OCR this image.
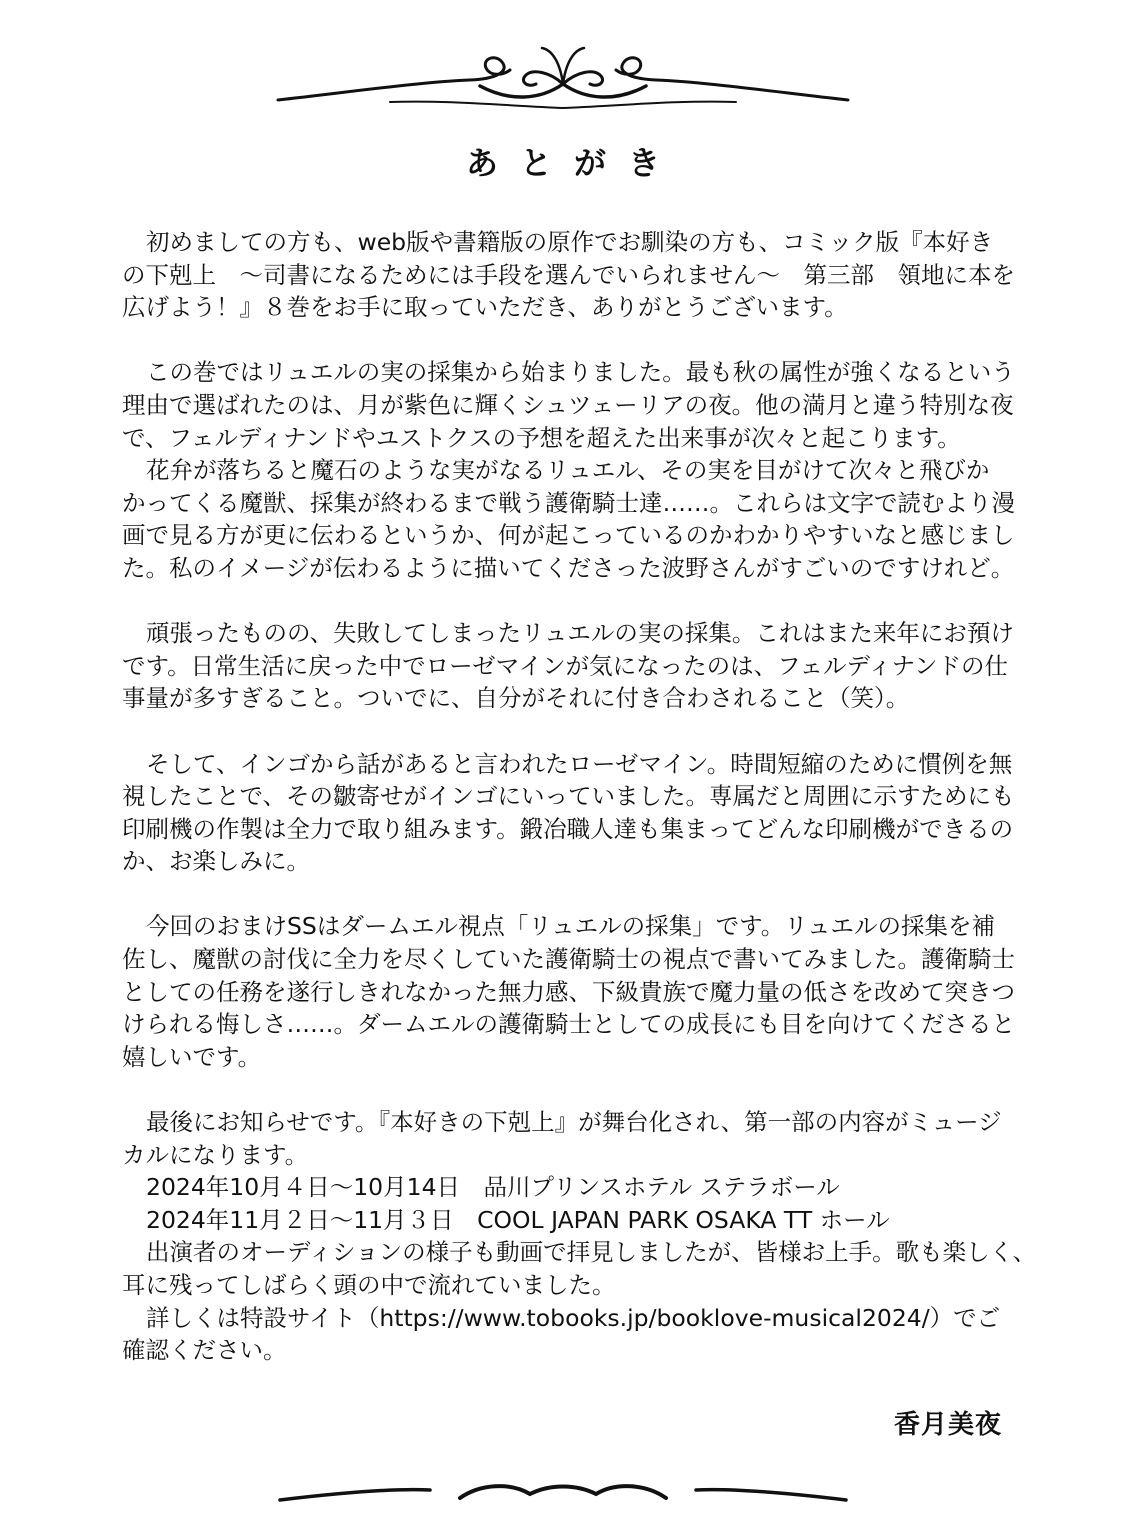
あとがき
初めましての方も、web版や書籍版の原作でお馴染の方も、コミック版『本好き
の下剋上　～司書になるためには手段を選んでいられません～　第三部　領地に本を
広げよう！』８巻をお手に取っていただき、ありがとうございます。
この巻ではリュエルの実の採集から始まりました。最も秋の属性が強くなるという
理由で選ばれたのは、月が紫色に輝くシュツェーリアの夜。他の満月と違う特別な夜
で、フェルディナンドやユストクスの予想を超えた出来事が次々と起こります。
花弁が落ちると魔石のような実がなるリュエル、その実を目がけて次々と飛びか
かってくる魔獣、採集が終わるまで戦う護衛騎士達……。これらは文字で読むより漫
画で見る方が更に伝わるというか、何が起こっているのかわかりやすいなと感じまし
た。私のイメージが伝わるように描いてくださった波野さんがすごいのですけれど。
頑張ったものの、失敗してしまったリュエルの実の採集。これはまた来年にお預け
です。日常生活に戻った中でローゼマインが気になったのは、フェルディナンドの仕
事量が多すぎること。ついでに、自分がそれに付き合わされること（笑）。
そして、インゴから話があると言われたローゼマイン。時間短縮のために慣例を無
視したことで、その皺寄せがインゴにいっていました。専属だと周囲に示すためにも
印刷機の作製は全力で取り組みます。鍛冶職人達も集まってどんな印刷機ができるの
か、お楽しみに。
今回のおまけSSはダームエル視点「リュエルの採集」です。リュエルの採集を補
佐し、魔獣の討伐に全力を尽くしていた護衛騎士の視点で書いてみました。護衛騎士
としての任務を遂行しきれなかった無力感、下級貴族で魔力量の低さを改めて突きつ
けられる悔しさ……。ダームエルの護衛騎士としての成長にも目を向けてくださると
嬉しいです。
最後にお知らせです。『本好きの下剋上』が舞台化され、第一部の内容がミュージ
カルになります。
2024年10月４日～10月14日　品川プリンスホテル ステラボール
2024年11月２日～11月３日　COOL JAPAN PARK OSAKA TT ホール
出演者のオーディションの様子も動画で拝見しましたが、皆様お上手。歌も楽しく、
耳に残ってしばらく頭の中で流れていました。
詳しくは特設サイト（https://www.tobooks.jp/booklove-musical2024/）でご
確認ください。
香月美夜
